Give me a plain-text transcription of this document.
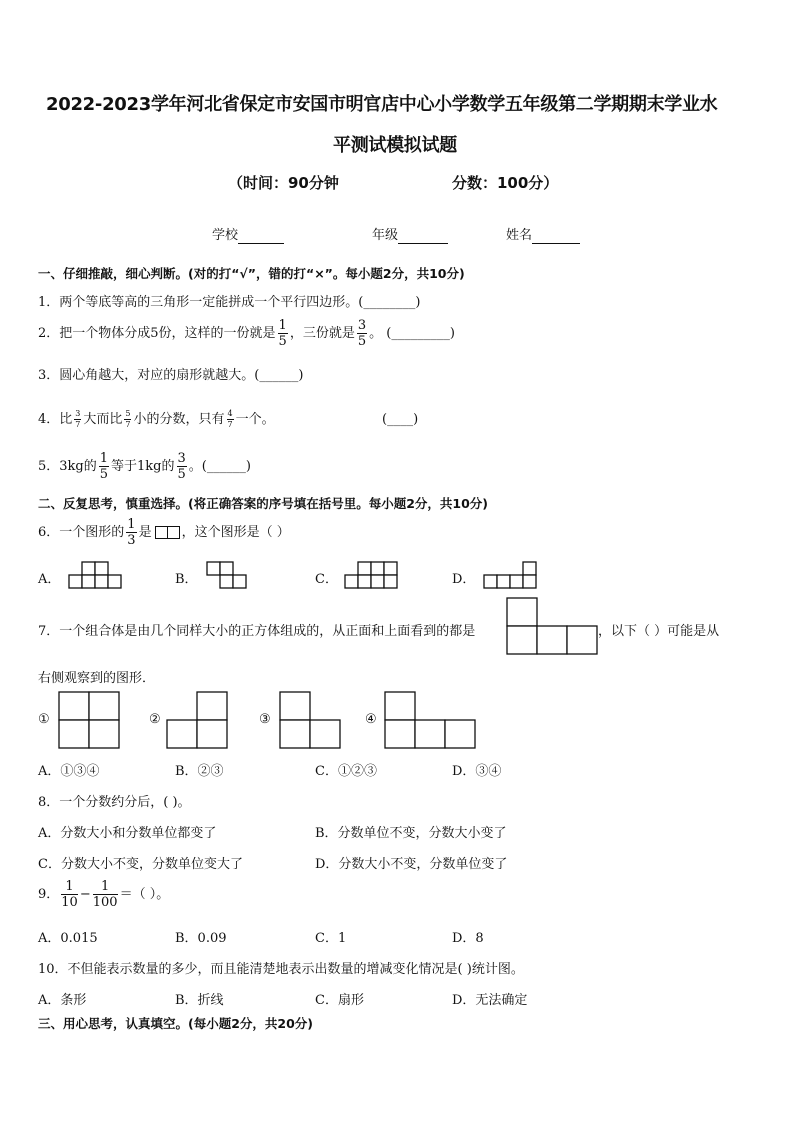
2022-2023学年河北省保定市安国市明官店中心小学数学五年级第二学期期末学业水
平测试模拟试题
（时间：90分钟	分数：100分）
学校	年级	姓名
一、仔细推敲，细心判断。(对的打“√”，错的打“×”。每小题2分，共10分)
1．两个等底等高的三角形一定能拼成一个平行四边形。(________)
2．把一个物体分成5份，这样的一份就是 $\frac{1}{5}$ ，三份就是 $\frac{3}{5}$ 。 (_________)
3．圆心角越大，对应的扇形就越大。(______)
4．比 $\frac{3}{7}$ 大而比 $\frac{5}{7}$ 小的分数，只有 $\frac{4}{7}$ 一个。	(____)
5．3kg的 $\frac{1}{5}$ 等于1kg的 $\frac{3}{5}$ 。(______)
二、反复思考，慎重选择。(将正确答案的序号填在括号里。每小题2分，共10分)
6．一个图形的 $\frac{1}{3}$ 是 ，这个图形是（ ）
A．	B．	C．	D．
7．一个组合体是由几个同样大小的正方体组成的，从正面和上面看到的都是	，以下（ ）可能是从
右侧观察到的图形．
①	②	③	④
A．①③④	B．②③	C．①②③	D．③④
8．一个分数约分后，( )。
A．分数大小和分数单位都变了	B．分数单位不变，分数大小变了
C．分数大小不变，分数单位变大了	D．分数大小不变，分数单位变了
9． $\frac{1}{10} - \frac{1}{100}$ ＝（ ）。
A．0.015	B．0.09	C．1	D．8
10．不但能表示数量的多少，而且能清楚地表示出数量的增减变化情况是( )统计图。
A．条形	B．折线	C．扇形	D．无法确定
三、用心思考，认真填空。(每小题2分，共20分)
